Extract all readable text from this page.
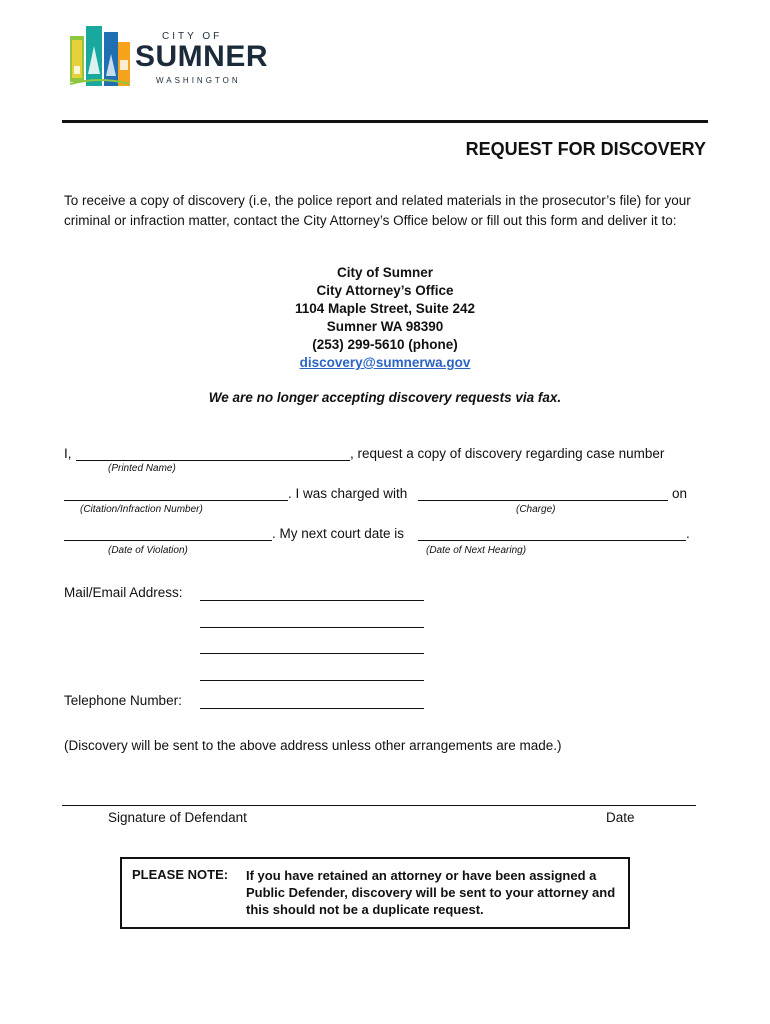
CITY OF
SUMNER
WASHINGTON
REQUEST FOR DISCOVERY
To receive a copy of discovery (i.e, the police report and related materials in the prosecutor’s file) for your criminal or infraction matter, contact the City Attorney’s Office below or fill out this form and deliver it to:
City of Sumner
City Attorney’s Office
1104 Maple Street, Suite 242
Sumner WA 98390
(253) 299-5610 (phone)
discovery@sumnerwa.gov
We are no longer accepting discovery requests via fax.
I,	, request a copy of discovery regarding case number
(Printed Name)
. I was charged with	on
(Citation/Infraction Number)	(Charge)
. My next court date is	.
(Date of Violation)	(Date of Next Hearing)
Mail/Email Address:
Telephone Number:
(Discovery will be sent to the above address unless other arrangements are made.)
Signature of Defendant	Date
PLEASE NOTE: If you have retained an attorney or have been assigned a Public Defender, discovery will be sent to your attorney and this should not be a duplicate request.
